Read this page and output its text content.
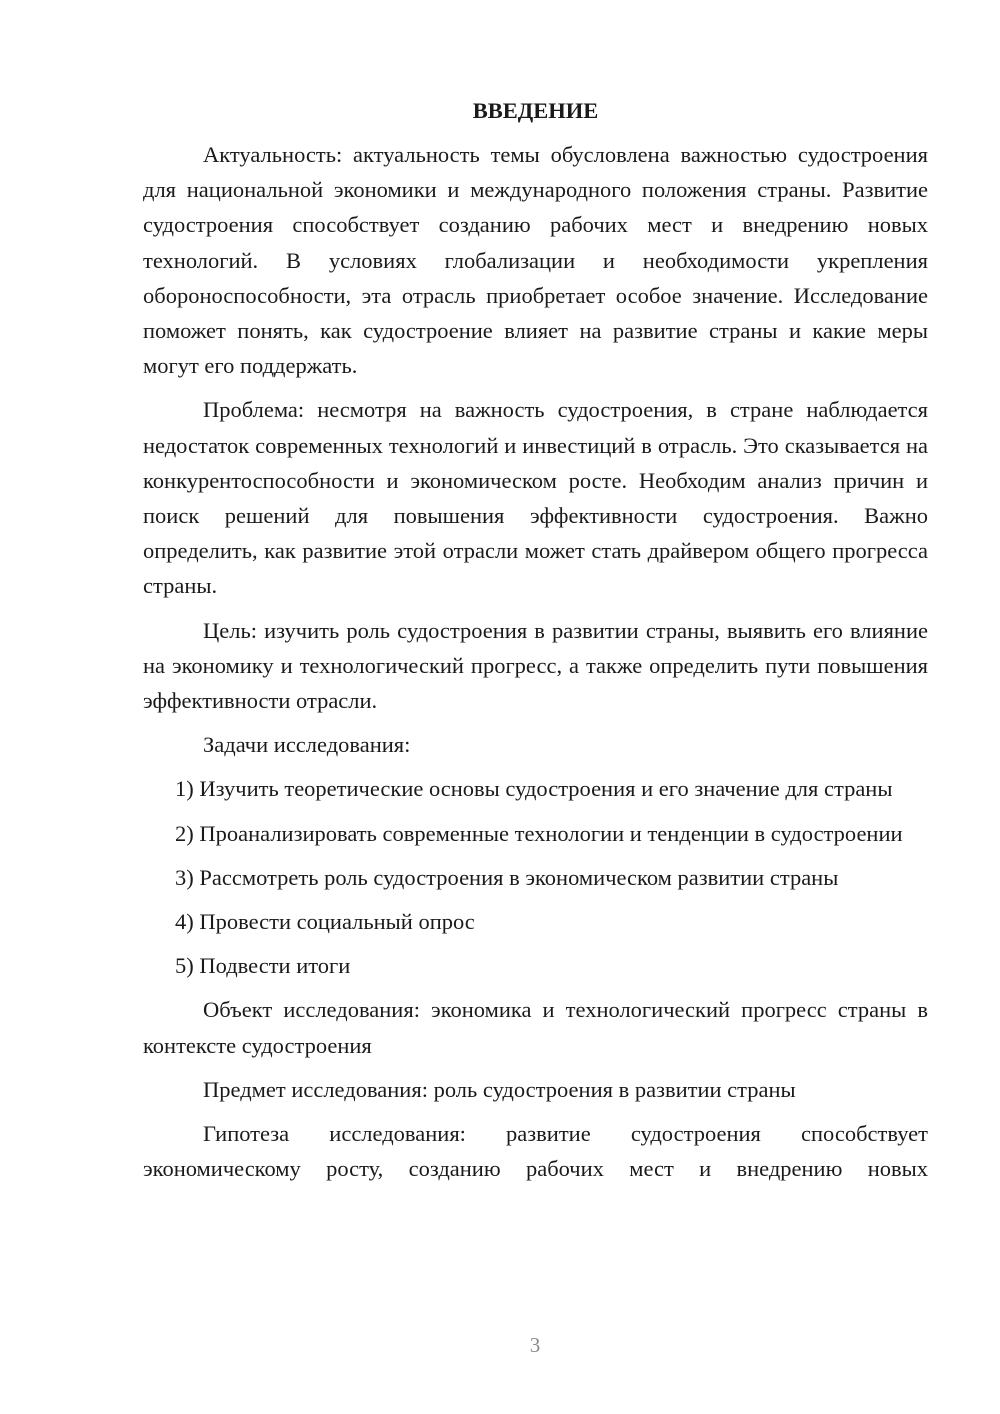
ВВЕДЕНИЕ

Актуальность: актуальность темы обусловлена важностью судостроения для национальной экономики и международного положения страны. Развитие судостроения способствует созданию рабочих мест и внедрению новых технологий. В условиях глобализации и необходимости укрепления обороноспособности, эта отрасль приобретает особое значение. Исследование поможет понять, как судостроение влияет на развитие страны и какие меры могут его поддержать.

Проблема: несмотря на важность судостроения, в стране наблюдается недостаток современных технологий и инвестиций в отрасль. Это сказывается на конкурентоспособности и экономическом росте. Необходим анализ причин и поиск решений для повышения эффективности судостроения. Важно определить, как развитие этой отрасли может стать драйвером общего прогресса страны.

Цель: изучить роль судостроения в развитии страны, выявить его влияние на экономику и технологический прогресс, а также определить пути повышения эффективности отрасли.

Задачи исследования:

1) Изучить теоретические основы судостроения и его значение для страны

2) Проанализировать современные технологии и тенденции в судостроении

3) Рассмотреть роль судостроения в экономическом развитии страны

4) Провести социальный опрос

5) Подвести итоги

Объект исследования: экономика и технологический прогресс страны в контексте судостроения

Предмет исследования: роль судостроения в развитии страны

Гипотеза исследования: развитие судостроения способствует экономическому росту, созданию рабочих мест и внедрению новых

3
